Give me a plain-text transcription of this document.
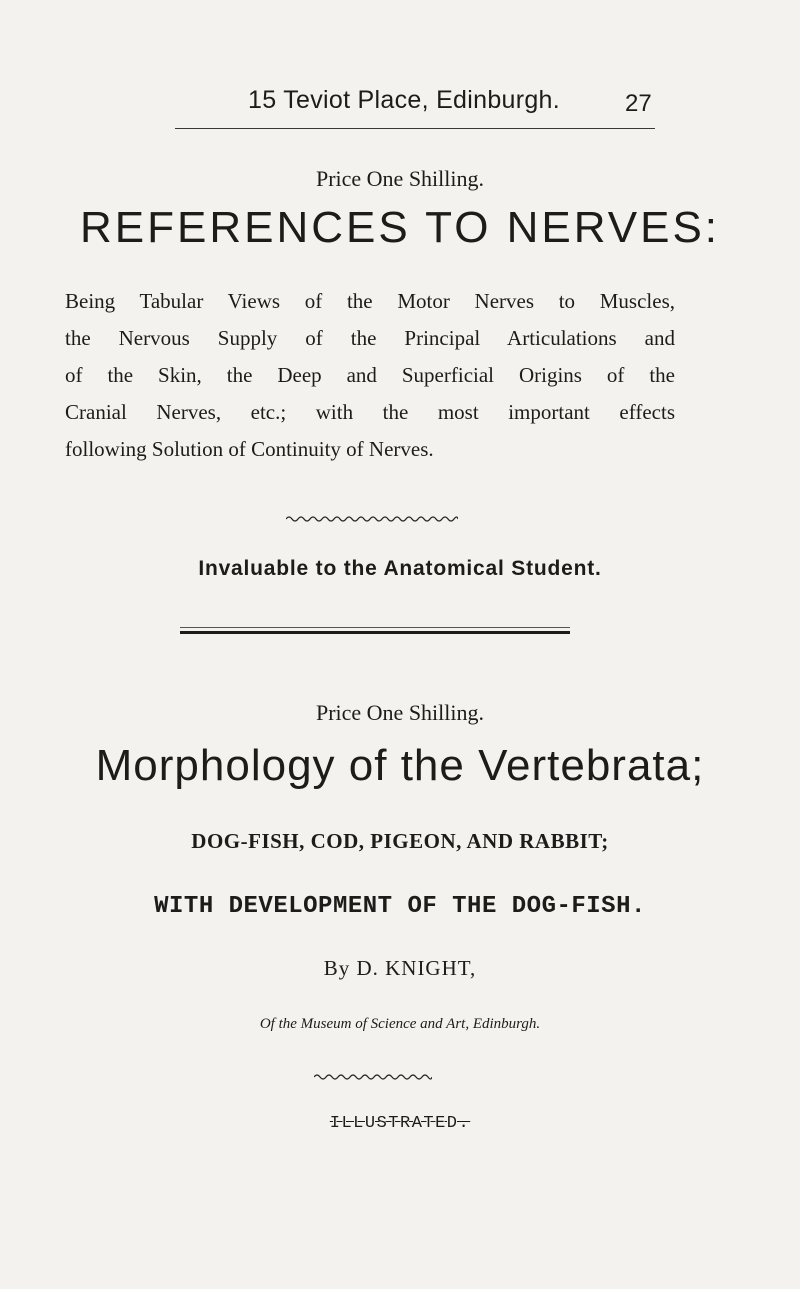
15 Teviot Place, Edinburgh.	27
Price One Shilling.
REFERENCES TO NERVES:
Being Tabular Views of the Motor Nerves to Muscles,
the Nervous Supply of the Principal Articulations and
of the Skin, the Deep and Superficial Origins of the
Cranial Nerves, etc.; with the most important effects
following Solution of Continuity of Nerves.
Invaluable to the Anatomical Student.
Price One Shilling.
Morphology of the Vertebrata;
DOG-FISH, COD, PIGEON, AND RABBIT;
WITH DEVELOPMENT OF THE DOG-FISH.
By D. KNIGHT,
Of the Museum of Science and Art, Edinburgh.
ILLUSTRATED.
